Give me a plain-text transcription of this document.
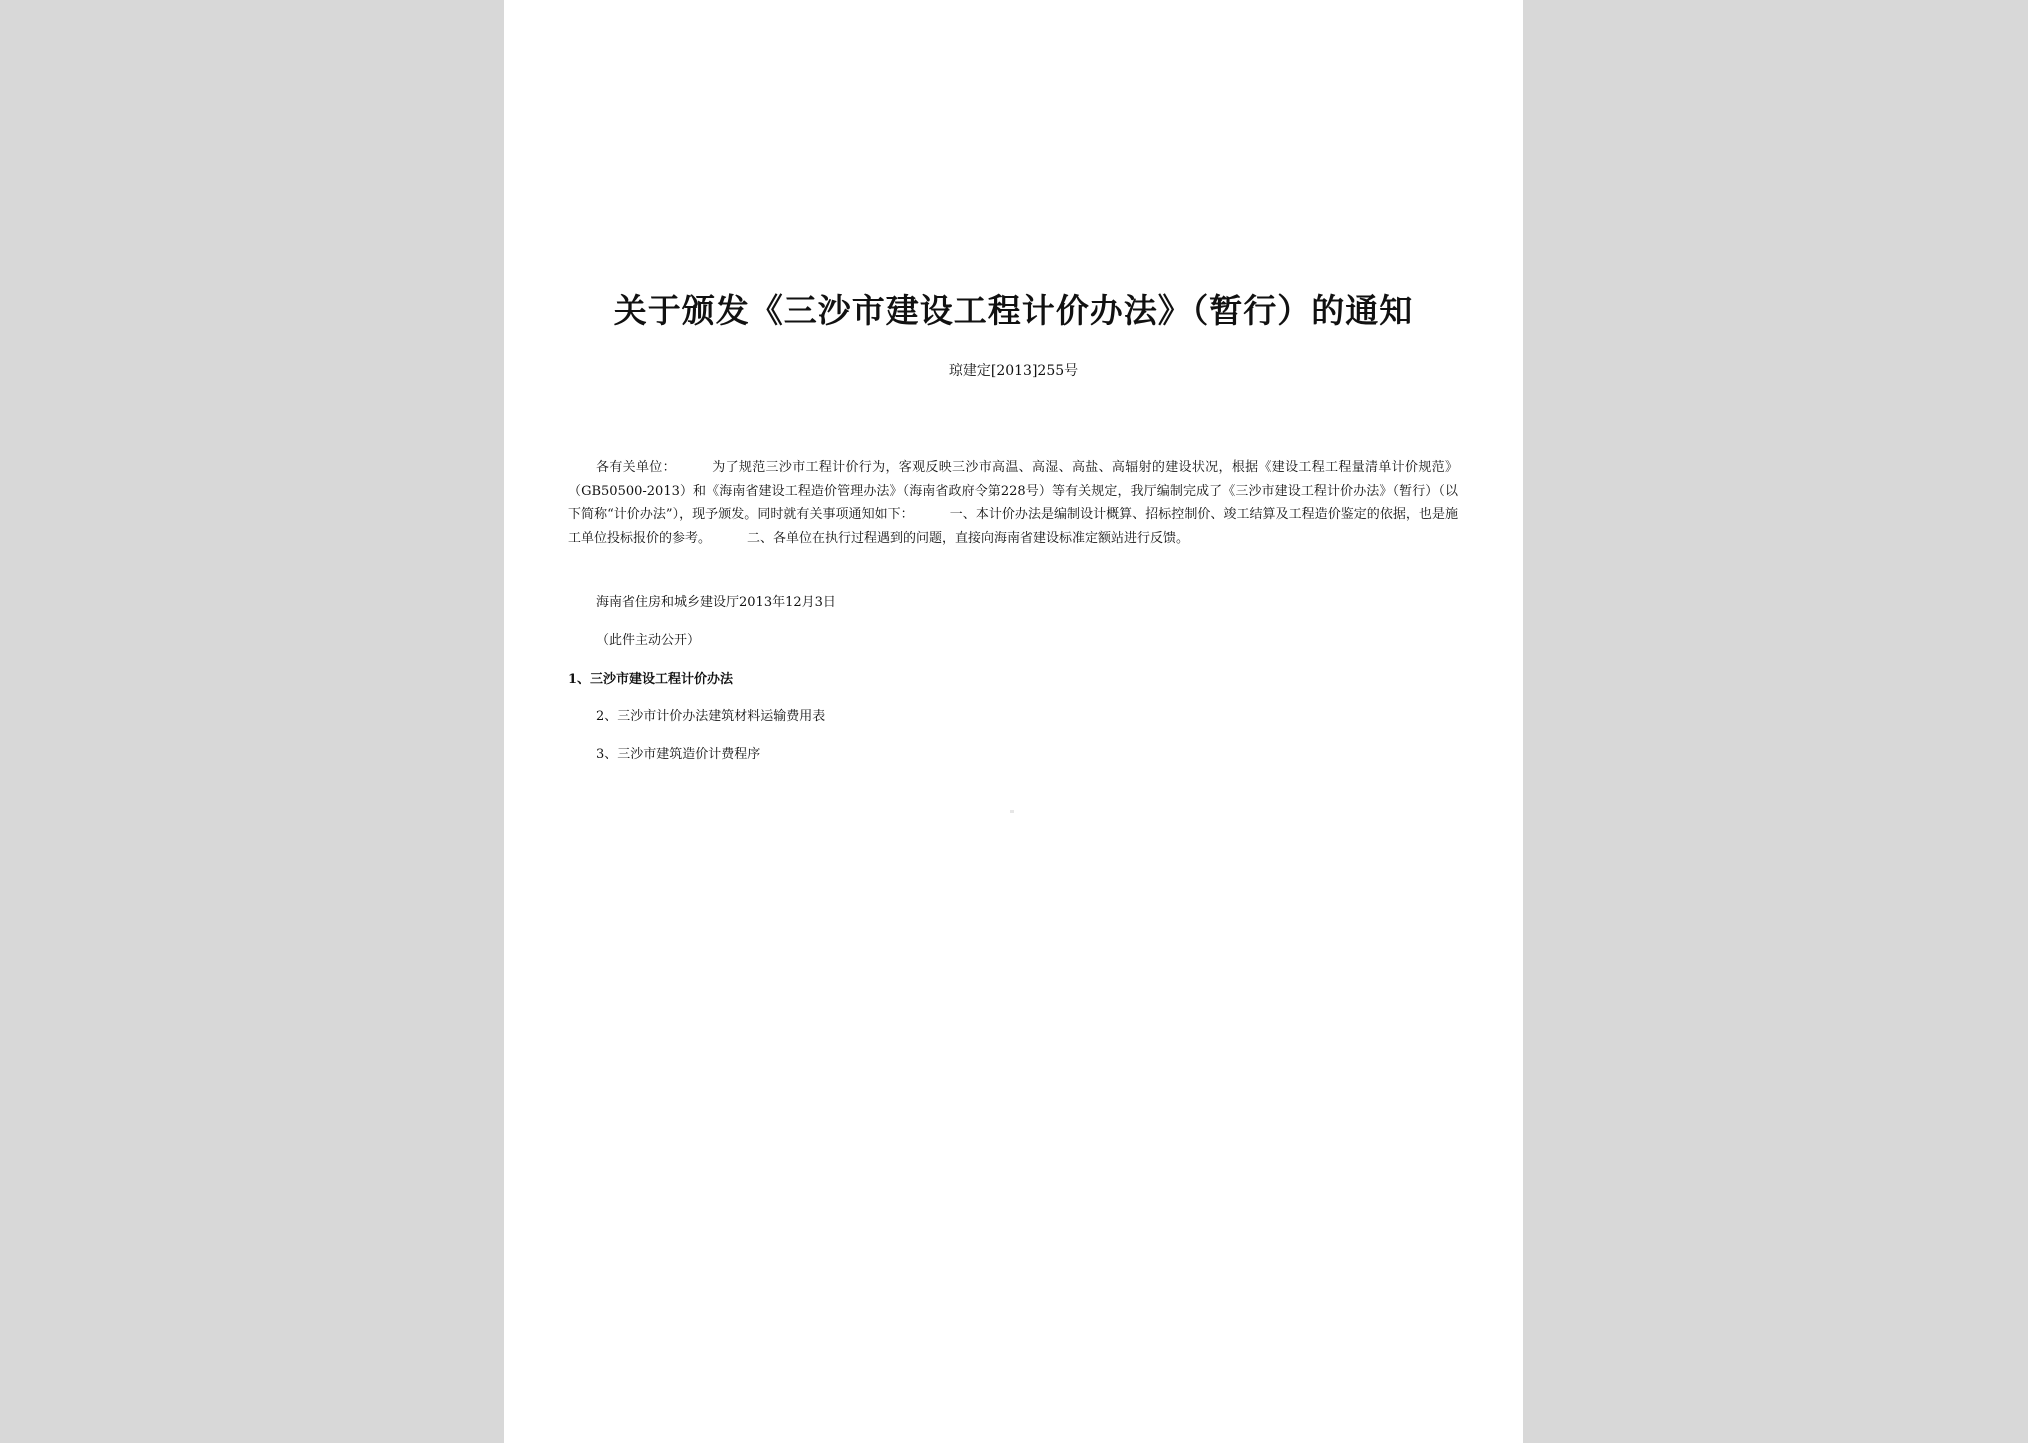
关于颁发《三沙市建设工程计价办法》（暂行）的通知
琼建定[2013]255号
各有关单位：	为了规范三沙市工程计价行为，客观反映三沙市高温、高湿、高盐、高辐射的建设状况，根据《建设工程工程量清单计价规范》（GB50500-2013）和《海南省建设工程造价管理办法》（海南省政府令第228号）等有关规定，我厅编制完成了《三沙市建设工程计价办法》（暂行）（以下简称“计价办法”），现予颁发。同时就有关事项通知如下：	一、本计价办法是编制设计概算、招标控制价、竣工结算及工程造价鉴定的依据，也是施工单位投标报价的参考。	二、各单位在执行过程遇到的问题，直接向海南省建设标准定额站进行反馈。
海南省住房和城乡建设厅2013年12月3日
（此件主动公开）
1、三沙市建设工程计价办法
2、三沙市计价办法建筑材料运输费用表
3、三沙市建筑造价计费程序
